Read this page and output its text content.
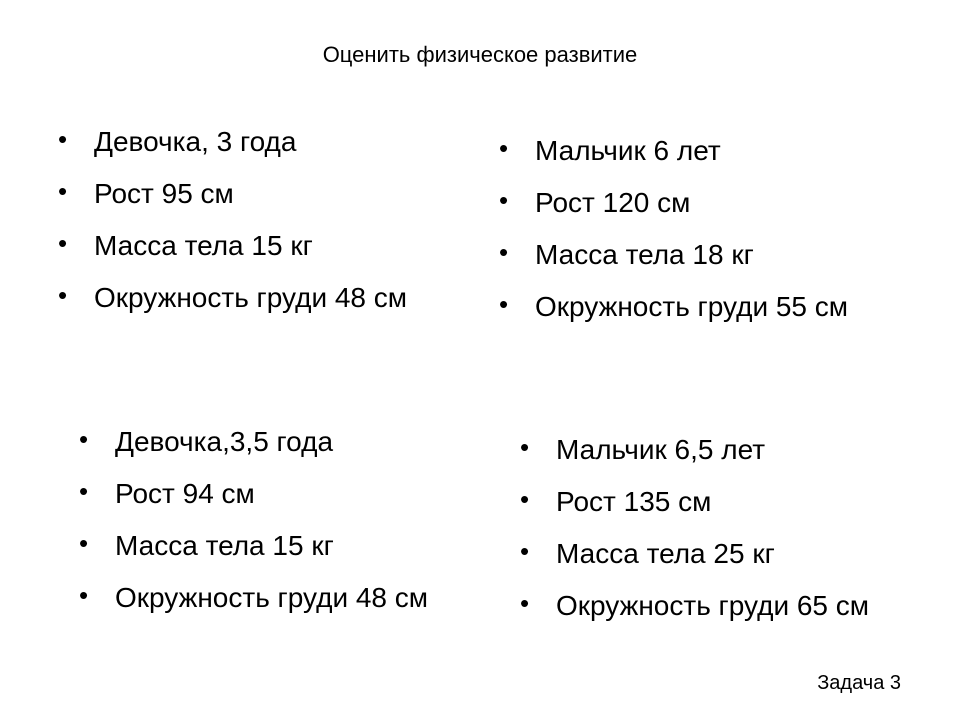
Оценить физическое развитие
• Девочка, 3 года
• Рост 95 см
• Масса тела 15 кг
• Окружность груди 48 см
• Мальчик 6 лет
• Рост 120 см
• Масса тела 18 кг
• Окружность груди 55 см
• Девочка,3,5 года
• Рост 94 см
• Масса тела 15 кг
• Окружность груди 48 см
• Мальчик 6,5 лет
• Рост 135 см
• Масса тела 25 кг
• Окружность груди 65 см
Задача 3
